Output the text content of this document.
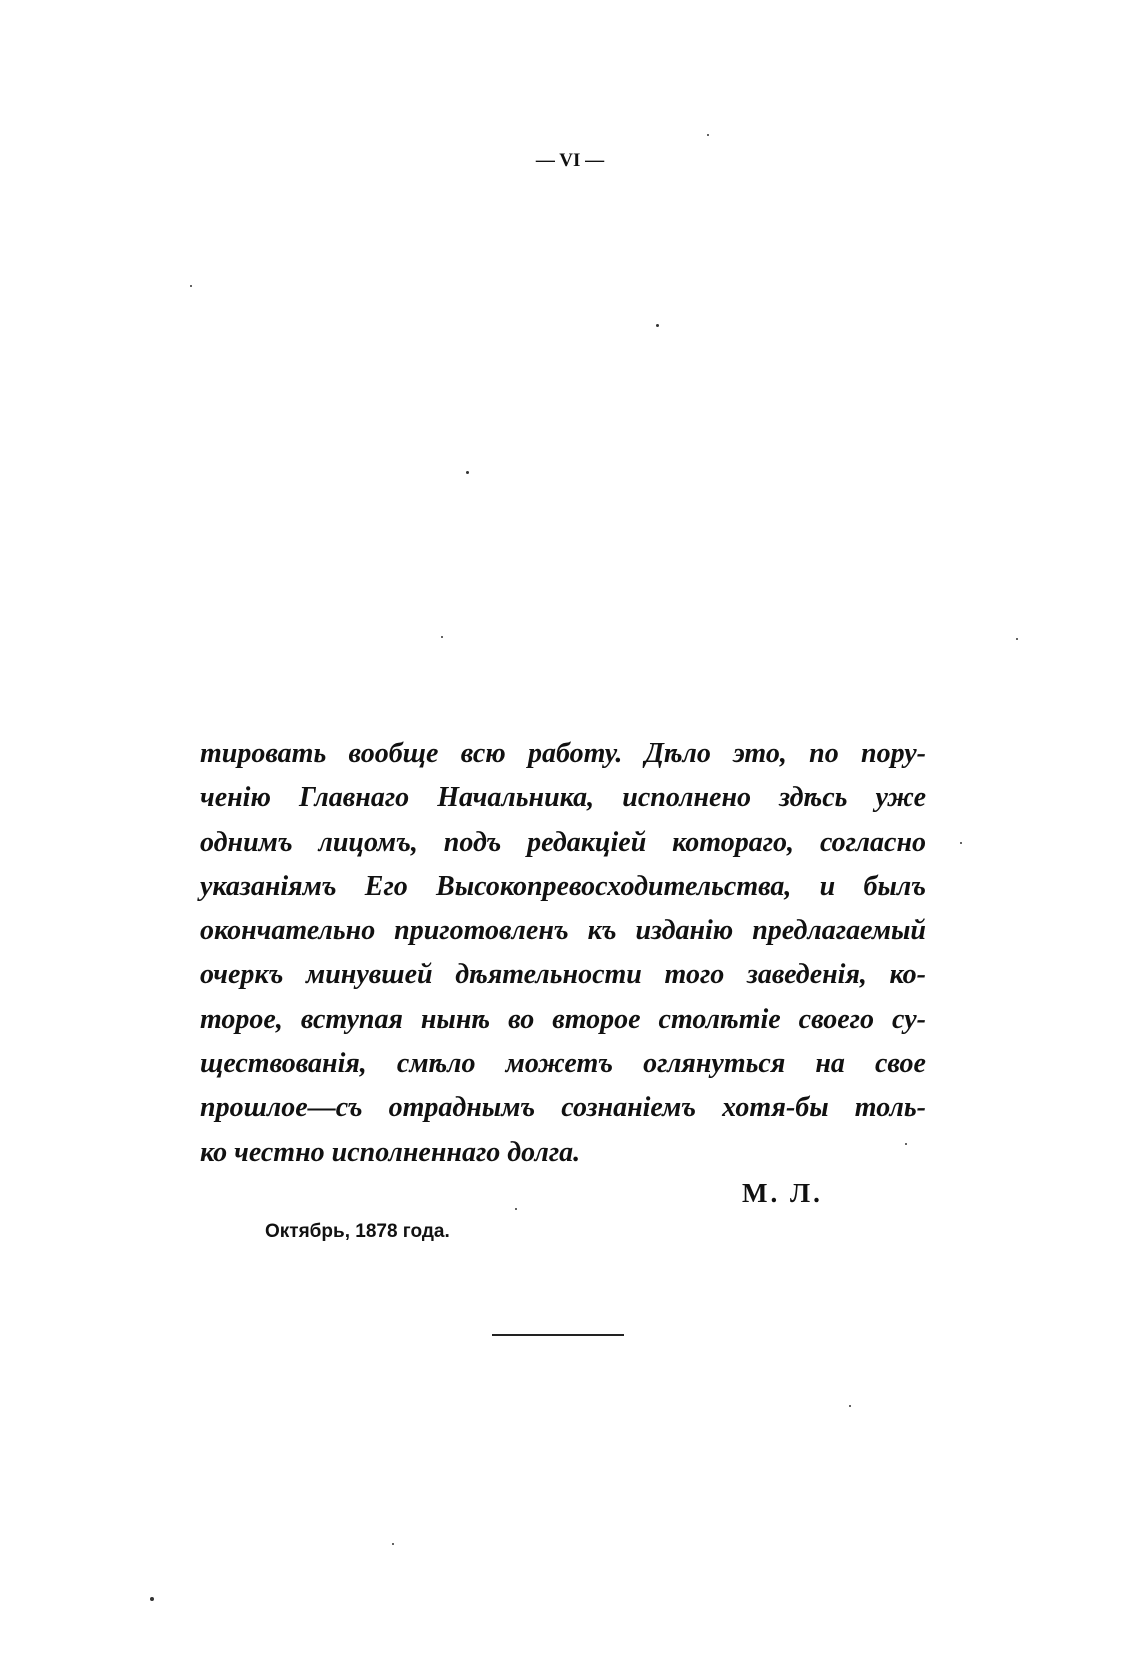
— VI —
тировать вообще всю работу. Дѣло это, по пору-
ченію Главнаго Начальника, исполнено здѣсь уже
однимъ лицомъ, подъ редакціей котораго, согласно
указаніямъ Его Высокопревосходительства, и былъ
окончательно приготовленъ къ изданію предлагаемый
очеркъ минувшей дѣятельности того заведенія, ко-
торое, вступая нынѣ во второе столѣтіе своего су-
ществованія, смѣло можетъ оглянуться на свое
прошлое—съ отраднымъ сознаніемъ хотя-бы толь-
ко честно исполненнаго долга.
М. Л.
Октябрь, 1878 года.
